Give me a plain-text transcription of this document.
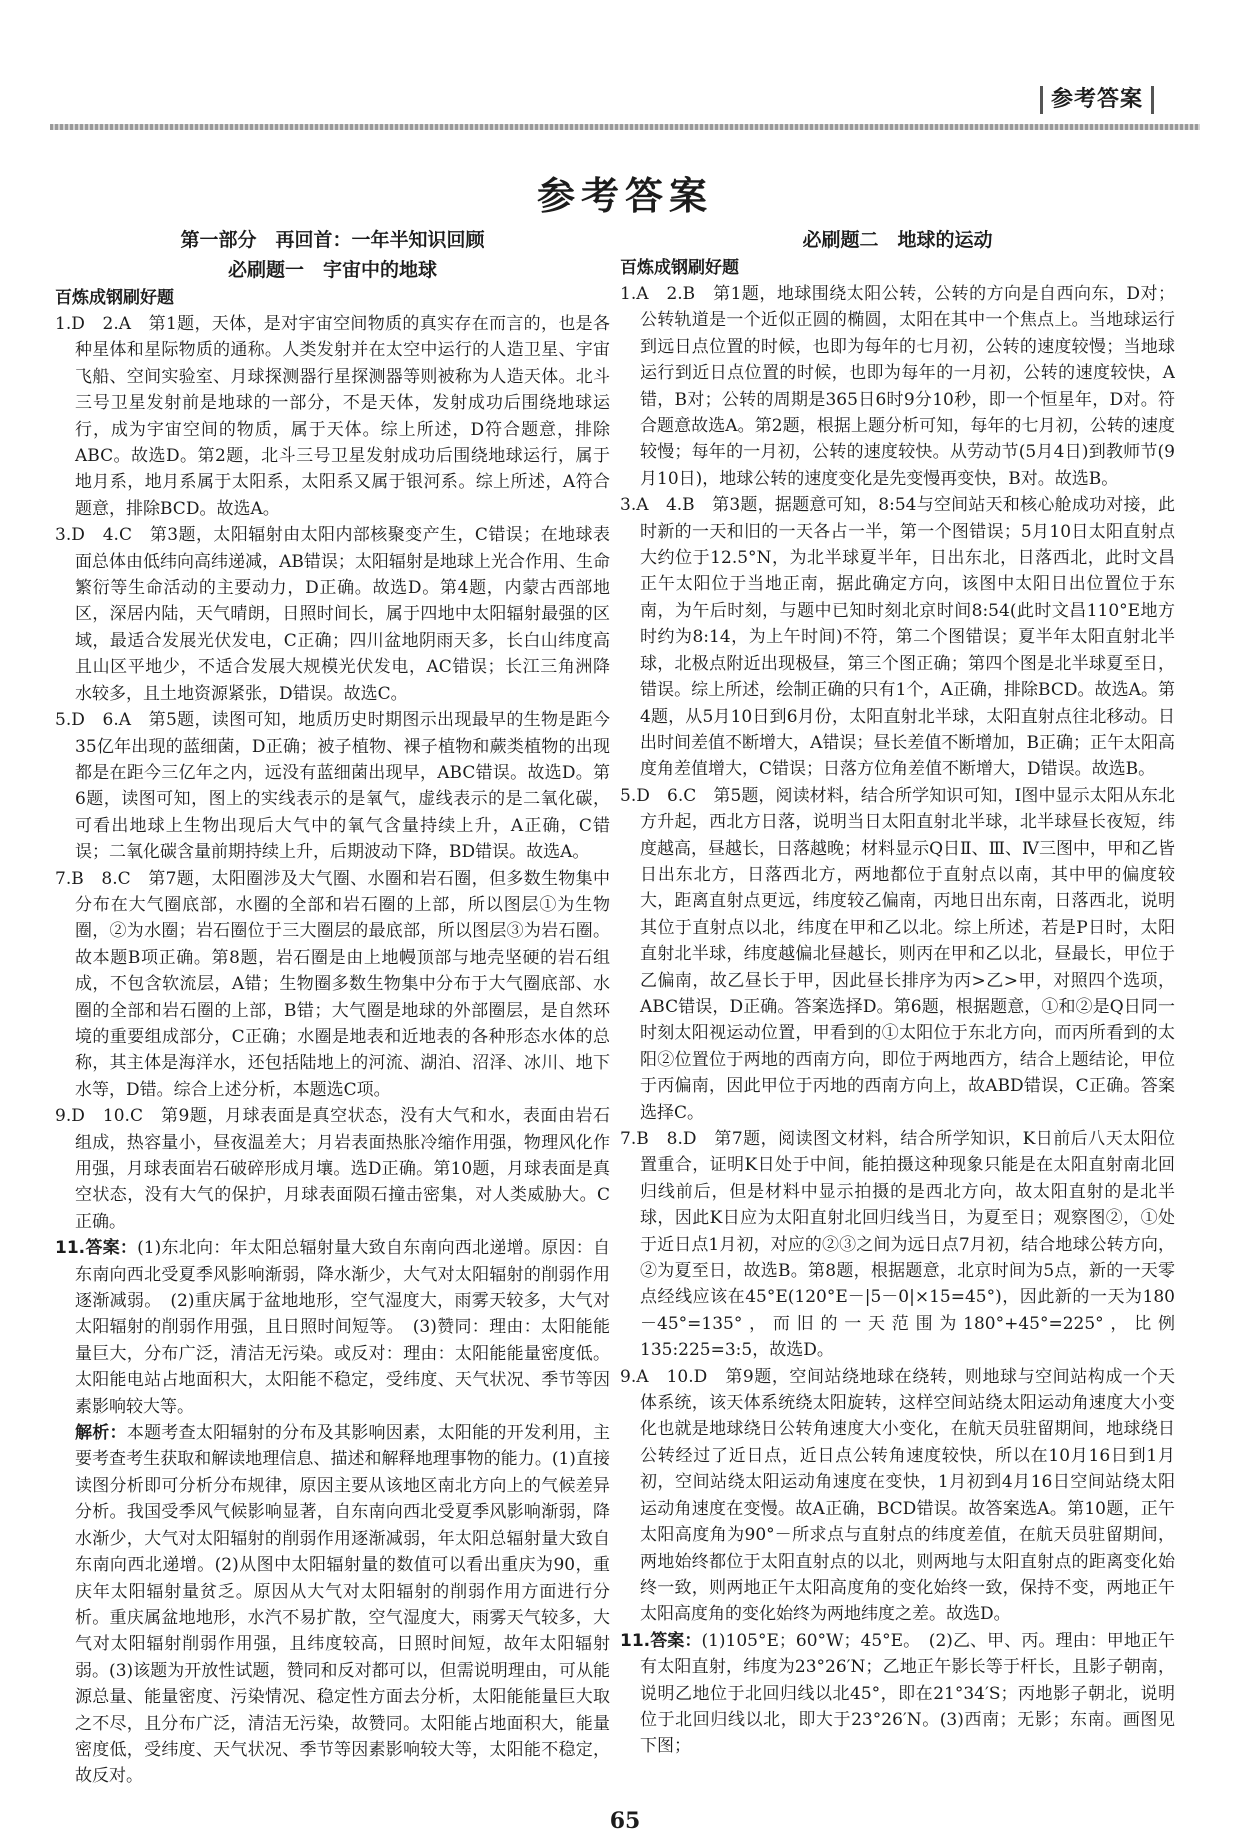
参考答案
参考答案
第一部分　再回首：一年半知识回顾
必刷题一　宇宙中的地球
百炼成钢刷好题

1.D　2.A　第1题，天体，是对宇宙空间物质的真实存在而言的，也是各种星体和星际物质的通称。人类发射并在太空中运行的人造卫星、宇宙飞船、空间实验室、月球探测器行星探测器等则被称为人造天体。北斗三号卫星发射前是地球的一部分，不是天体，发射成功后围绕地球运行，成为宇宙空间的物质，属于天体。综上所述，D符合题意，排除ABC。故选D。第2题，北斗三号卫星发射成功后围绕地球运行，属于地月系，地月系属于太阳系，太阳系又属于银河系。综上所述，A符合题意，排除BCD。故选A。

3.D　4.C　第3题，太阳辐射由太阳内部核聚变产生，C错误；在地球表面总体由低纬向高纬递减，AB错误；太阳辐射是地球上光合作用、生命繁衍等生命活动的主要动力，D正确。故选D。第4题，内蒙古西部地区，深居内陆，天气晴朗，日照时间长，属于四地中太阳辐射最强的区域，最适合发展光伏发电，C正确；四川盆地阴雨天多，长白山纬度高且山区平地少，不适合发展大规模光伏发电，AC错误；长江三角洲降水较多，且土地资源紧张，D错误。故选C。

5.D　6.A　第5题，读图可知，地质历史时期图示出现最早的生物是距今35亿年出现的蓝细菌，D正确；被子植物、裸子植物和蕨类植物的出现都是在距今三亿年之内，远没有蓝细菌出现早，ABC错误。故选D。第6题，读图可知，图上的实线表示的是氧气，虚线表示的是二氧化碳，可看出地球上生物出现后大气中的氧气含量持续上升，A正确，C错误；二氧化碳含量前期持续上升，后期波动下降，BD错误。故选A。

7.B　8.C　第7题，太阳圈涉及大气圈、水圈和岩石圈，但多数生物集中分布在大气圈底部，水圈的全部和岩石圈的上部，所以图层①为生物圈，②为水圈；岩石圈位于三大圈层的最底部，所以图层③为岩石圈。故本题B项正确。第8题，岩石圈是由上地幔顶部与地壳坚硬的岩石组成，不包含软流层，A错；生物圈多数生物集中分布于大气圈底部、水圈的全部和岩石圈的上部，B错；大气圈是地球的外部圈层，是自然环境的重要组成部分，C正确；水圈是地表和近地表的各种形态水体的总称，其主体是海洋水，还包括陆地上的河流、湖泊、沼泽、冰川、地下水等，D错。综合上述分析，本题选C项。

9.D　10.C　第9题，月球表面是真空状态，没有大气和水，表面由岩石组成，热容量小，昼夜温差大；月岩表面热胀冷缩作用强，物理风化作用强，月球表面岩石破碎形成月壤。选D正确。第10题，月球表面是真空状态，没有大气的保护，月球表面陨石撞击密集，对人类威胁大。C正确。

11.答案：(1)东北向：年太阳总辐射量大致自东南向西北递增。原因：自东南向西北受夏季风影响渐弱，降水渐少，大气对太阳辐射的削弱作用逐渐减弱。　(2)重庆属于盆地地形，空气湿度大，雨雾天较多，大气对太阳辐射的削弱作用强，且日照时间短等。　(3)赞同：理由：太阳能能量巨大，分布广泛，清洁无污染。或反对：理由：太阳能能量密度低。太阳能电站占地面积大，太阳能不稳定，受纬度、天气状况、季节等因素影响较大等。

解析：本题考查太阳辐射的分布及其影响因素，太阳能的开发利用，主要考查考生获取和解读地理信息、描述和解释地理事物的能力。(1)直接读图分析即可分析分布规律，原因主要从该地区南北方向上的气候差异分析。我国受季风气候影响显著，自东南向西北受夏季风影响渐弱，降水渐少，大气对太阳辐射的削弱作用逐渐减弱，年太阳总辐射量大致自东南向西北递增。(2)从图中太阳辐射量的数值可以看出重庆为90，重庆年太阳辐射量贫乏。原因从大气对太阳辐射的削弱作用方面进行分析。重庆属盆地地形，水汽不易扩散，空气湿度大，雨雾天气较多，大气对太阳辐射削弱作用强，且纬度较高，日照时间短，故年太阳辐射弱。(3)该题为开放性试题，赞同和反对都可以，但需说明理由，可从能源总量、能量密度、污染情况、稳定性方面去分析，太阳能能量巨大取之不尽，且分布广泛，清洁无污染，故赞同。太阳能占地面积大，能量密度低，受纬度、天气状况、季节等因素影响较大等，太阳能不稳定，故反对。

必刷题二　地球的运动
百炼成钢刷好题

1.A　2.B　第1题，地球围绕太阳公转，公转的方向是自西向东，D对；公转轨道是一个近似正圆的椭圆，太阳在其中一个焦点上。当地球运行到远日点位置的时候，也即为每年的七月初，公转的速度较慢；当地球运行到近日点位置的时候，也即为每年的一月初，公转的速度较快，A错，B对；公转的周期是365日6时9分10秒，即一个恒星年，D对。符合题意故选A。第2题，根据上题分析可知，每年的七月初，公转的速度较慢；每年的一月初，公转的速度较快。从劳动节(5月4日)到教师节(9月10日)，地球公转的速度变化是先变慢再变快，B对。故选B。

3.A　4.B　第3题，据题意可知，8:54与空间站天和核心舱成功对接，此时新的一天和旧的一天各占一半，第一个图错误；5月10日太阳直射点大约位于12.5°N，为北半球夏半年，日出东北，日落西北，此时文昌正午太阳位于当地正南，据此确定方向，该图中太阳日出位置位于东南，为午后时刻，与题中已知时刻北京时间8:54(此时文昌110°E地方时约为8:14，为上午时间)不符，第二个图错误；夏半年太阳直射北半球，北极点附近出现极昼，第三个图正确；第四个图是北半球夏至日，错误。综上所述，绘制正确的只有1个，A正确，排除BCD。故选A。第4题，从5月10日到6月份，太阳直射北半球，太阳直射点往北移动。日出时间差值不断增大，A错误；昼长差值不断增加，B正确；正午太阳高度角差值增大，C错误；日落方位角差值不断增大，D错误。故选B。

5.D　6.C　第5题，阅读材料，结合所学知识可知，Ⅰ图中显示太阳从东北方升起，西北方日落，说明当日太阳直射北半球，北半球昼长夜短，纬度越高，昼越长，日落越晚；材料显示Q日Ⅱ、Ⅲ、Ⅳ三图中，甲和乙皆日出东北方，日落西北方，两地都位于直射点以南，其中甲的偏度较大，距离直射点更远，纬度较乙偏南，丙地日出东南，日落西北，说明其位于直射点以北，纬度在甲和乙以北。综上所述，若是P日时，太阳直射北半球，纬度越偏北昼越长，则丙在甲和乙以北，昼最长，甲位于乙偏南，故乙昼长于甲，因此昼长排序为丙>乙>甲，对照四个选项，ABC错误，D正确。答案选择D。第6题，根据题意，①和②是Q日同一时刻太阳视运动位置，甲看到的①太阳位于东北方向，而丙所看到的太阳②位置位于两地的西南方向，即位于两地西方，结合上题结论，甲位于丙偏南，因此甲位于丙地的西南方向上，故ABD错误，C正确。答案选择C。

7.B　8.D　第7题，阅读图文材料，结合所学知识，K日前后八天太阳位置重合，证明K日处于中间，能拍摄这种现象只能是在太阳直射南北回归线前后，但是材料中显示拍摄的是西北方向，故太阳直射的是北半球，因此K日应为太阳直射北回归线当日，为夏至日；观察图②，①处于近日点1月初，对应的②③之间为远日点7月初，结合地球公转方向，②为夏至日，故选B。第8题，根据题意，北京时间为5点，新的一天零点经线应该在45°E(120°E－|5－0|×15=45°)，因此新的一天为180－45°=135°，而旧的一天范围为180°+45°=225°，比例135:225=3:5，故选D。

9.A　10.D　第9题，空间站绕地球在绕转，则地球与空间站构成一个天体系统，该天体系统绕太阳旋转，这样空间站绕太阳运动角速度大小变化也就是地球绕日公转角速度大小变化，在航天员驻留期间，地球绕日公转经过了近日点，近日点公转角速度较快，所以在10月16日到1月初，空间站绕太阳运动角速度在变快，1月初到4月16日空间站绕太阳运动角速度在变慢。故A正确，BCD错误。故答案选A。第10题，正午太阳高度角为90°－所求点与直射点的纬度差值，在航天员驻留期间，两地始终都位于太阳直射点的以北，则两地与太阳直射点的距离变化始终一致，则两地正午太阳高度角的变化始终一致，保持不变，两地正午太阳高度角的变化始终为两地纬度之差。故选D。

11.答案：(1)105°E；60°W；45°E。　(2)乙、甲、丙。理由：甲地正午有太阳直射，纬度为23°26′N；乙地正午影长等于杆长，且影子朝南，说明乙地位于北回归线以北45°，即在21°34′S；丙地影子朝北，说明位于北回归线以北，即大于23°26′N。(3)西南；无影；东南。画图见下图；

65
